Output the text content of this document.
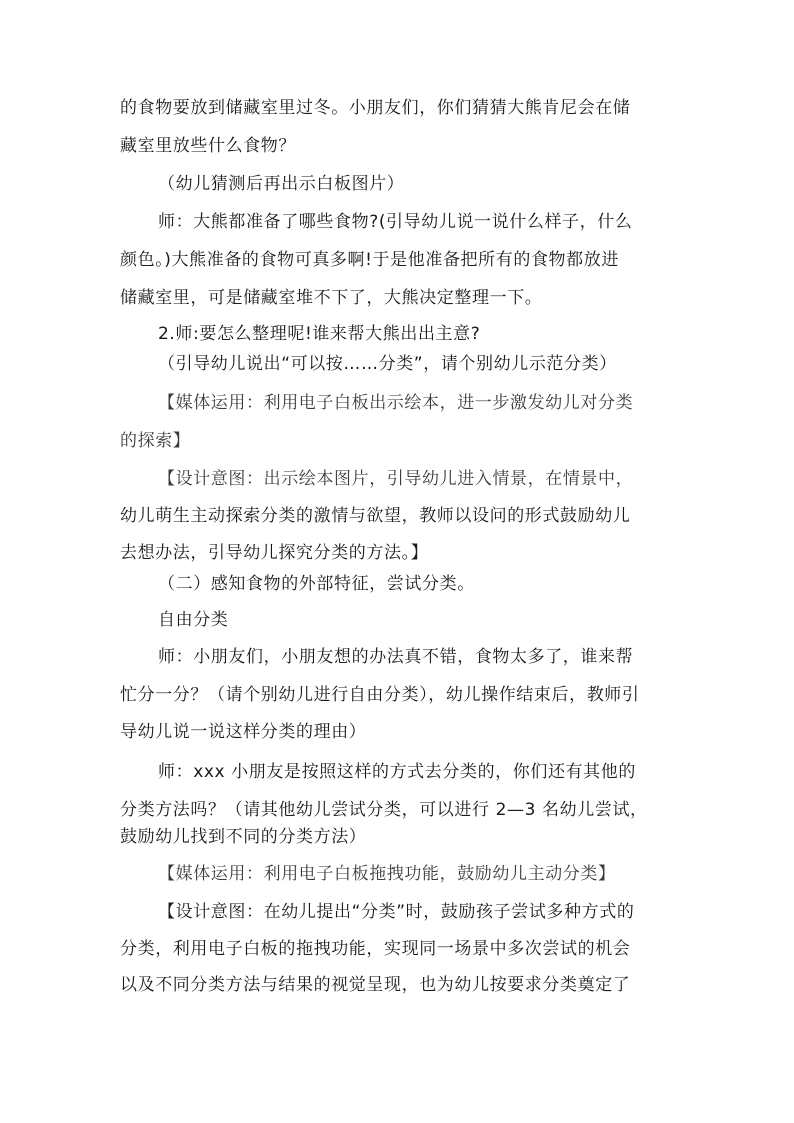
的食物要放到储藏室里过冬。小朋友们，你们猜猜大熊肯尼会在储
藏室里放些什么食物？
（幼儿猜测后再出示白板图片）
师：大熊都准备了哪些食物?(引导幼儿说一说什么样子，什么
颜色。)大熊准备的食物可真多啊!于是他准备把所有的食物都放进
储藏室里，可是储藏室堆不下了，大熊决定整理一下。
2.师:要怎么整理呢!谁来帮大熊出出主意?
（引导幼儿说出“可以按……分类”，请个别幼儿示范分类）
【媒体运用：利用电子白板出示绘本，进一步激发幼儿对分类
的探索】
【设计意图：出示绘本图片，引导幼儿进入情景，在情景中，
幼儿萌生主动探索分类的激情与欲望，教师以设问的形式鼓励幼儿
去想办法，引导幼儿探究分类的方法。】
（二）感知食物的外部特征，尝试分类。
自由分类
师：小朋友们，小朋友想的办法真不错，食物太多了，谁来帮
忙分一分？（请个别幼儿进行自由分类），幼儿操作结束后，教师引
导幼儿说一说这样分类的理由）
师：xxx 小朋友是按照这样的方式去分类的，你们还有其他的
分类方法吗？（请其他幼儿尝试分类，可以进行 2—3 名幼儿尝试，
鼓励幼儿找到不同的分类方法）
【媒体运用：利用电子白板拖拽功能，鼓励幼儿主动分类】
【设计意图：在幼儿提出“分类”时，鼓励孩子尝试多种方式的
分类，利用电子白板的拖拽功能，实现同一场景中多次尝试的机会
以及不同分类方法与结果的视觉呈现，也为幼儿按要求分类奠定了
